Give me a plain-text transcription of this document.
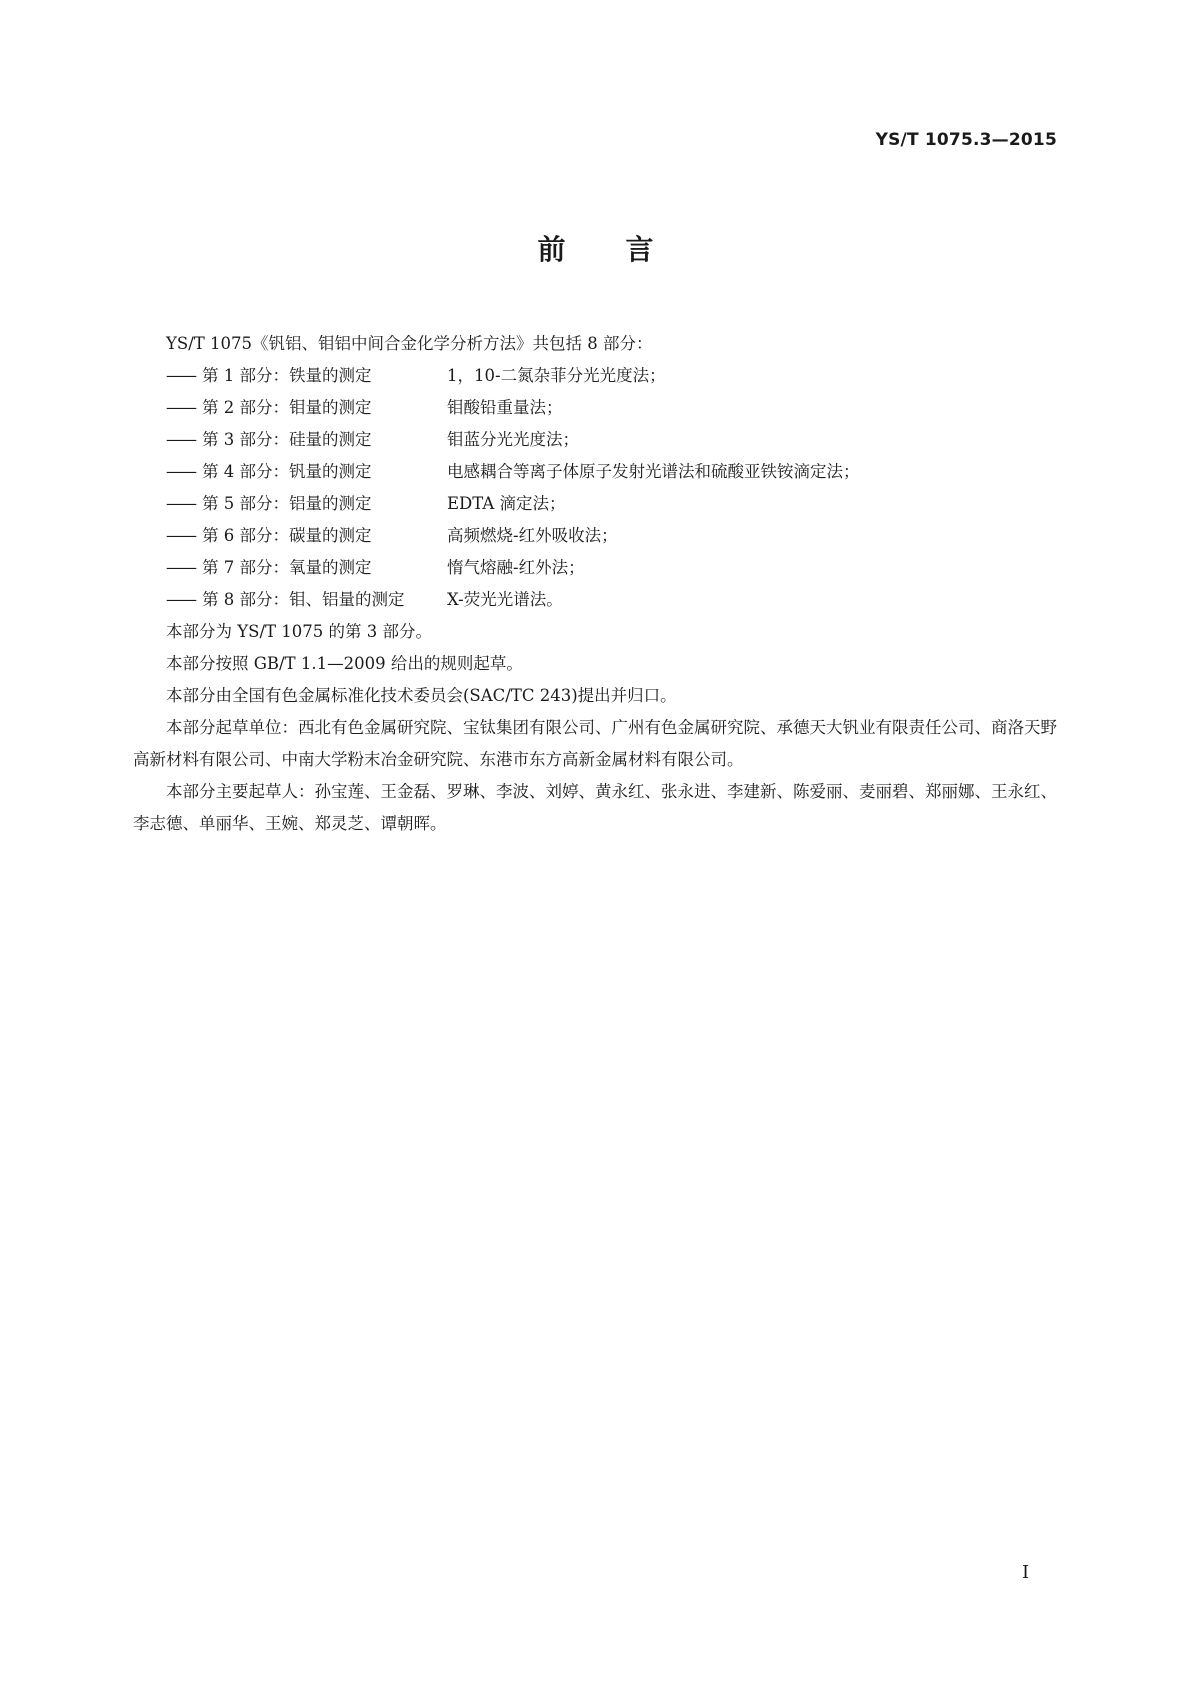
YS/T 1075.3—2015
前言

YS/T 1075《钒铝、钼铝中间合金化学分析方法》共包括 8 部分：

—— 第 1 部分：铁量的测定	1，10-二氮杂菲分光光度法；
—— 第 2 部分：钼量的测定	钼酸铅重量法；
—— 第 3 部分：硅量的测定	钼蓝分光光度法；
—— 第 4 部分：钒量的测定	电感耦合等离子体原子发射光谱法和硫酸亚铁铵滴定法；
—— 第 5 部分：铝量的测定	EDTA 滴定法；
—— 第 6 部分：碳量的测定	高频燃烧-红外吸收法；
—— 第 7 部分：氧量的测定	惰气熔融-红外法；
—— 第 8 部分：钼、铝量的测定	X-荧光光谱法。

本部分为 YS/T 1075 的第 3 部分。

本部分按照 GB/T 1.1—2009 给出的规则起草。

本部分由全国有色金属标准化技术委员会(SAC/TC 243)提出并归口。

本部分起草单位：西北有色金属研究院、宝钛集团有限公司、广州有色金属研究院、承德天大钒业有限责任公司、商洛天野高新材料有限公司、中南大学粉末冶金研究院、东港市东方高新金属材料有限公司。

本部分主要起草人：孙宝莲、王金磊、罗琳、李波、刘婷、黄永红、张永进、李建新、陈爱丽、麦丽碧、郑丽娜、王永红、李志德、单丽华、王婉、郑灵芝、谭朝晖。

I
